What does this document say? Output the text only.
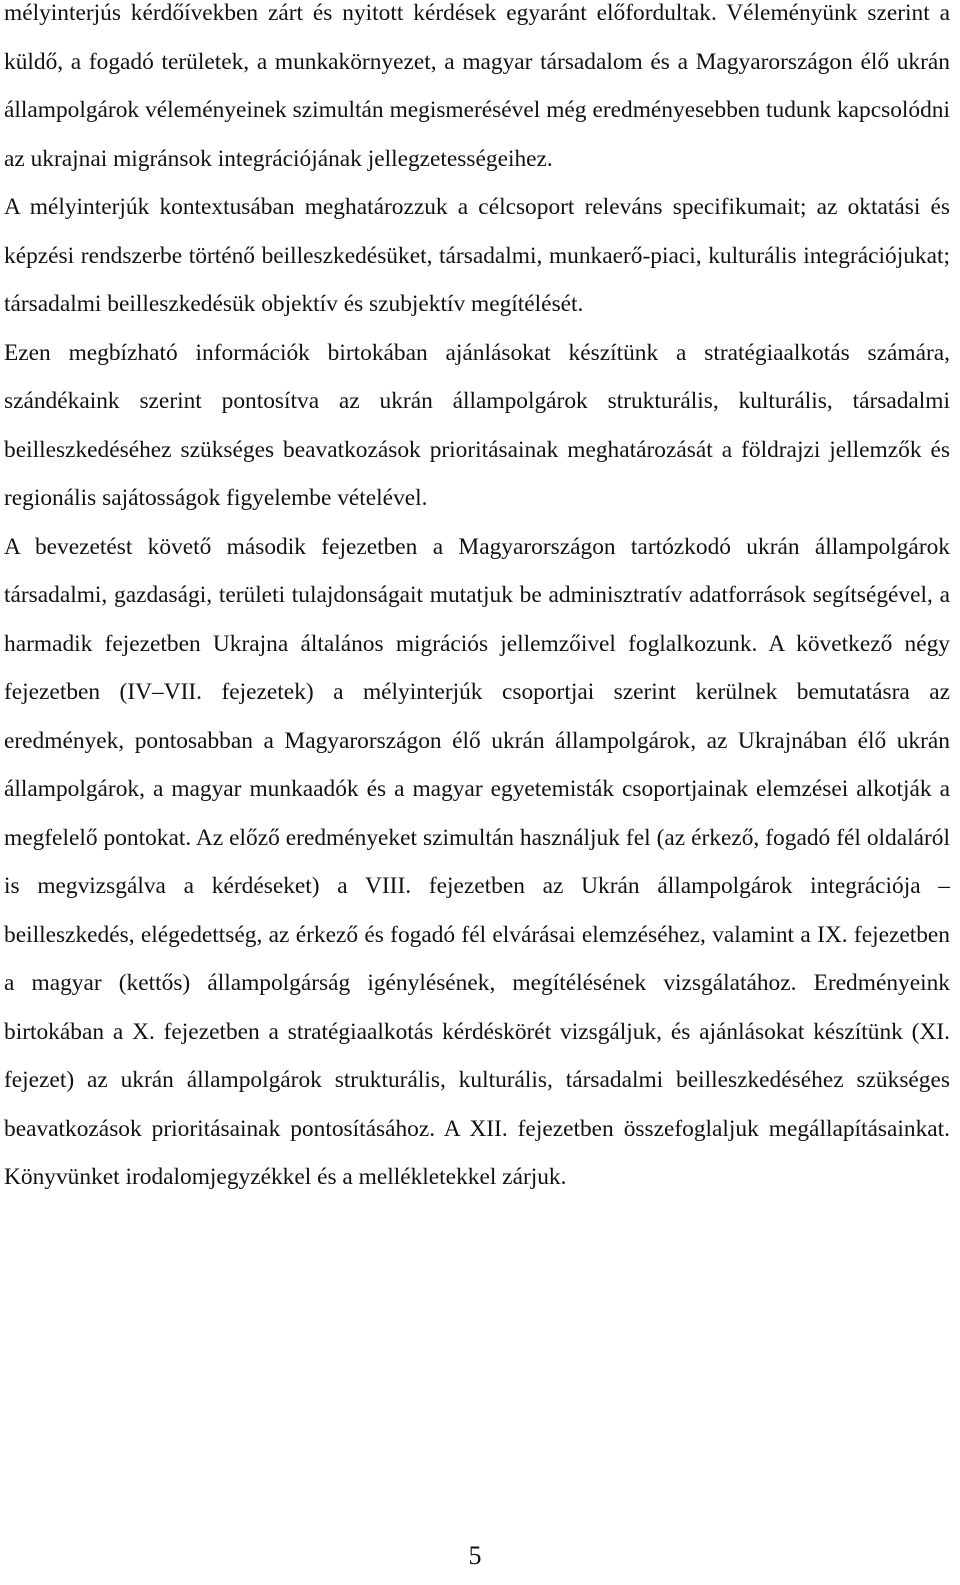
mélyinterjús kérdőívekben zárt és nyitott kérdések egyaránt előfordultak. Véleményünk szerint a küldő, a fogadó területek, a munkakörnyezet, a magyar társadalom és a Magyarországon élő ukrán állampolgárok véleményeinek szimultán megismerésével még eredményesebben tudunk kapcsolódni az ukrajnai migránsok integrációjának jellegzetességeihez.

A mélyinterjúk kontextusában meghatározzuk a célcsoport releváns specifikumait; az oktatási és képzési rendszerbe történő beilleszkedésüket, társadalmi, munkaerő-piaci, kulturális integrációjukat; társadalmi beilleszkedésük objektív és szubjektív megítélését.

Ezen megbízható információk birtokában ajánlásokat készítünk a stratégiaalkotás számára, szándékaink szerint pontosítva az ukrán állampolgárok strukturális, kulturális, társadalmi beilleszkedéséhez szükséges beavatkozások prioritásainak meghatározását a földrajzi jellemzők és regionális sajátosságok figyelembe vételével.

A bevezetést követő második fejezetben a Magyarországon tartózkodó ukrán állampolgárok társadalmi, gazdasági, területi tulajdonságait mutatjuk be adminisztratív adatforrások segítségével, a harmadik fejezetben Ukrajna általános migrációs jellemzőivel foglalkozunk. A következő négy fejezetben (IV–VII. fejezetek) a mélyinterjúk csoportjai szerint kerülnek bemutatásra az eredmények, pontosabban a Magyarországon élő ukrán állampolgárok, az Ukrajnában élő ukrán állampolgárok, a magyar munkaadók és a magyar egyetemisták csoportjainak elemzései alkotják a megfelelő pontokat. Az előző eredményeket szimultán használjuk fel (az érkező, fogadó fél oldaláról is megvizsgálva a kérdéseket) a VIII. fejezetben az Ukrán állampolgárok integrációja – beilleszkedés, elégedettség, az érkező és fogadó fél elvárásai elemzéséhez, valamint a IX. fejezetben a magyar (kettős) állampolgárság igénylésének, megítélésének vizsgálatához. Eredményeink birtokában a X. fejezetben a stratégiaalkotás kérdéskörét vizsgáljuk, és ajánlásokat készítünk (XI. fejezet) az ukrán állampolgárok strukturális, kulturális, társadalmi beilleszkedéséhez szükséges beavatkozások prioritásainak pontosításához. A XII. fejezetben összefoglaljuk megállapításainkat. Könyvünket irodalomjegyzékkel és a mellékletekkel zárjuk.

5
